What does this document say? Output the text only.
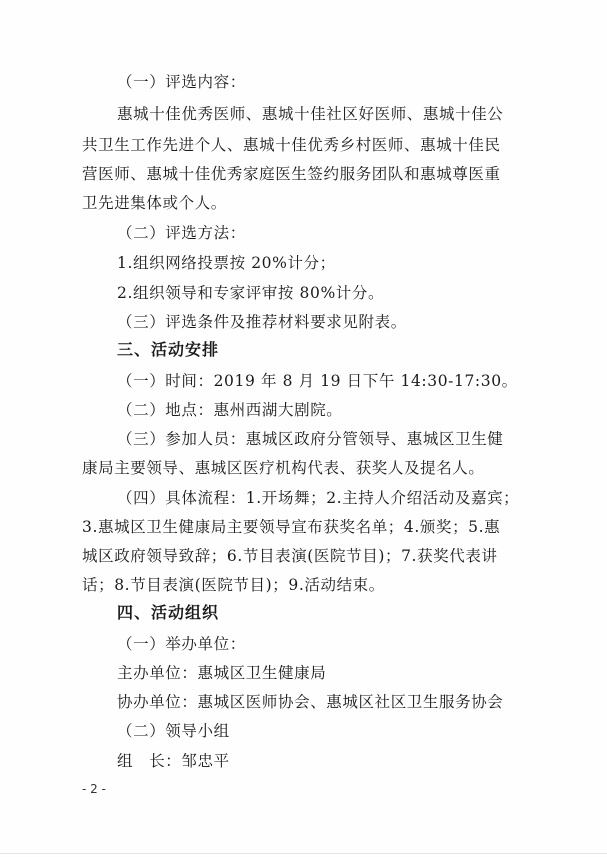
（一）评选内容：
惠城十佳优秀医师、惠城十佳社区好医师、惠城十佳公
共卫生工作先进个人、惠城十佳优秀乡村医师、惠城十佳民
营医师、惠城十佳优秀家庭医生签约服务团队和惠城尊医重
卫先进集体或个人。
（二）评选方法：
1.组织网络投票按 20%计分；
2.组织领导和专家评审按 80%计分。
（三）评选条件及推荐材料要求见附表。
三、活动安排
（一）时间：2019 年 8 月 19 日下午 14:30-17:30。
（二）地点：惠州西湖大剧院。
（三）参加人员：惠城区政府分管领导、惠城区卫生健
康局主要领导、惠城区医疗机构代表、获奖人及提名人。
（四）具体流程：1.开场舞；2.主持人介绍活动及嘉宾；
3.惠城区卫生健康局主要领导宣布获奖名单；4.颁奖；5.惠
城区政府领导致辞；6.节目表演(医院节目)；7.获奖代表讲
话；8.节目表演(医院节目)；9.活动结束。
四、活动组织
（一）举办单位：
主办单位：惠城区卫生健康局
协办单位：惠城区医师协会、惠城区社区卫生服务协会
（二）领导小组
组　长：邹忠平
- 2 -
